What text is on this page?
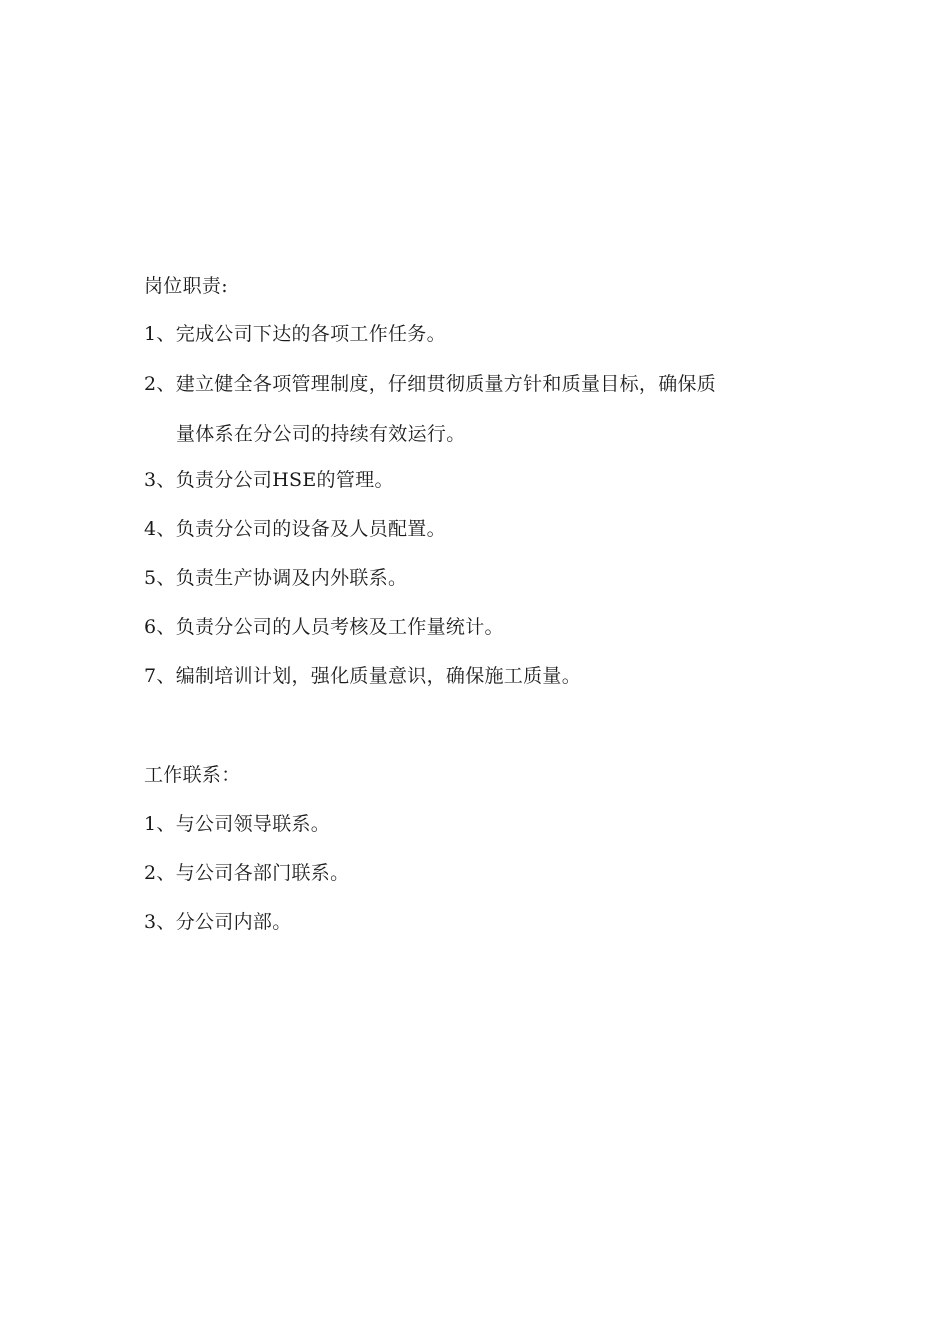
岗位职责:
1、完成公司下达的各项工作任务。
2、建立健全各项管理制度，仔细贯彻质量方针和质量目标，确保质
量体系在分公司的持续有效运行。
3、负责分公司HSE的管理。
4、负责分公司的设备及人员配置。
5、负责生产协调及内外联系。
6、负责分公司的人员考核及工作量统计。
7、编制培训计划，强化质量意识，确保施工质量。
工作联系：
1、与公司领导联系。
2、与公司各部门联系。
3、分公司内部。
